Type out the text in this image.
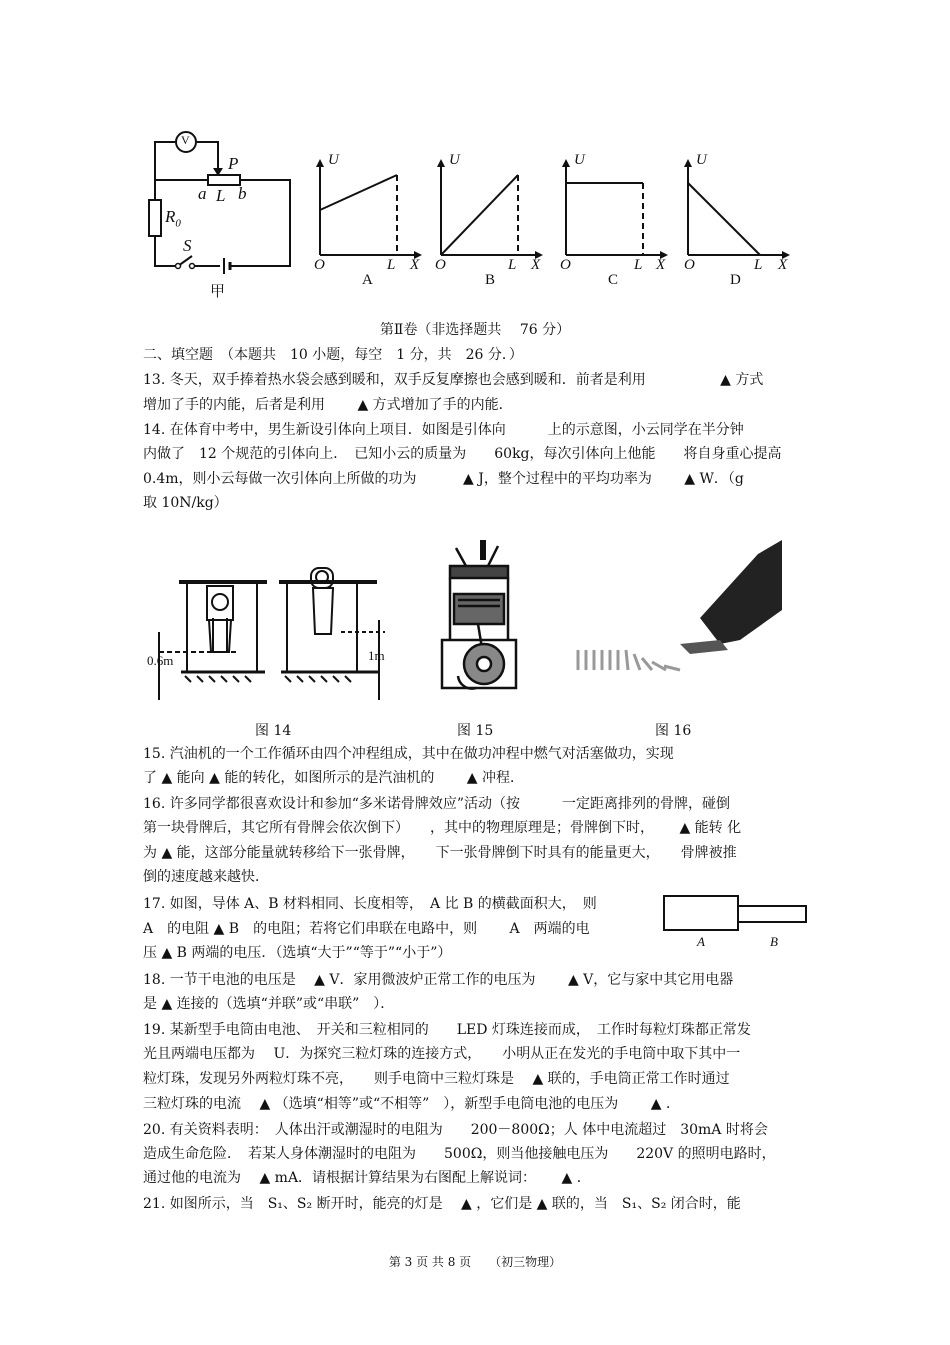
V
P
a L b
$R_0$
S
甲
U
O	L X
A
U
O	L X
B
U
O	L X
C
U
O	L X
D
第Ⅱ卷（非选择题共　 76 分）
二、填空题　（本题共　10 小题，每空　1 分，共　26 分．）
13. 冬天，双手捧着热水袋会感到暖和，双手反复摩擦也会感到暖和．前者是利用　　　　　 ▲ 方式
增加了手的内能，后者是利用　　 ▲ 方式增加了手的内能．
14. 在体育中考中，男生新设引体向上项目．如图是引体向　　　上的示意图，小云同学在半分钟
内做了　12 个规范的引体向上．　已知小云的质量为　　60kg，每次引体向上他能　　将自身重心提高
0.4m，则小云每做一次引体向上所做的功为　　　 ▲ J，整个过程中的平均功率为　　 ▲ W．（g
取 10N/kg）
0.6m	1m
图 14	图 15	图 16
15. 汽油机的一个工作循环由四个冲程组成，其中在做功冲程中燃气对活塞做功，实现
了 ▲ 能向 ▲ 能的转化，如图所示的是汽油机的　　 ▲ 冲程．
16. 许多同学都很喜欢设计和参加“多米诺骨牌效应”活动（按　　　一定距离排列的骨牌，碰倒
第一块骨牌后，其它所有骨牌会依次倒下）　　，其中的物理原理是；骨牌倒下时，　　 ▲ 能转 化
为 ▲ 能，这部分能量就转移给下一张骨牌，　　下一张骨牌倒下时具有的能量更大，　　骨牌被推
倒的速度越来越快．
17. 如图，导体 A、B 材料相同、长度相等，　A 比 B 的横截面积大，　则
A　的电阻 ▲ B　的电阻；若将它们串联在电路中，则　　 A　两端的电
压 ▲ B 两端的电压．（选填“大于”“等于”“小于”）
A	B
18. 一节干电池的电压是　 ▲ V．家用微波炉正常工作的电压为　　 ▲ V，它与家中其它用电器
是 ▲ 连接的（选填“并联”或“串联”　）．
19. 某新型手电筒由电池、　开关和三粒相同的　　LED 灯珠连接而成，　工作时每粒灯珠都正常发
光且两端电压都为　 U．为探究三粒灯珠的连接方式，　　小明从正在发光的手电筒中取下其中一
粒灯珠，发现另外两粒灯珠不亮，　　则手电筒中三粒灯珠是　 ▲ 联的，手电筒正常工作时通过
三粒灯珠的电流　 ▲ （选填“相等”或“不相等”　），新型手电筒电池的电压为　　 ▲ ．
20. 有关资料表明：　人体出汗或潮湿时的电阻为　　200－800Ω；人 体中电流超过　30mA 时将会
造成生命危险．　若某人身体潮湿时的电阻为　　500Ω，则当他接触电压为　　220V 的照明电路时，
通过他的电流为　 ▲ mA．请根据计算结果为右图配上解说词：　　 ▲ ．
21. 如图所示，当　S₁、S₂ 断开时，能亮的灯是　 ▲ ，它们是 ▲ 联的，当　S₁、S₂ 闭合时，能
第 3 页 共 8 页　　（初三物理）
